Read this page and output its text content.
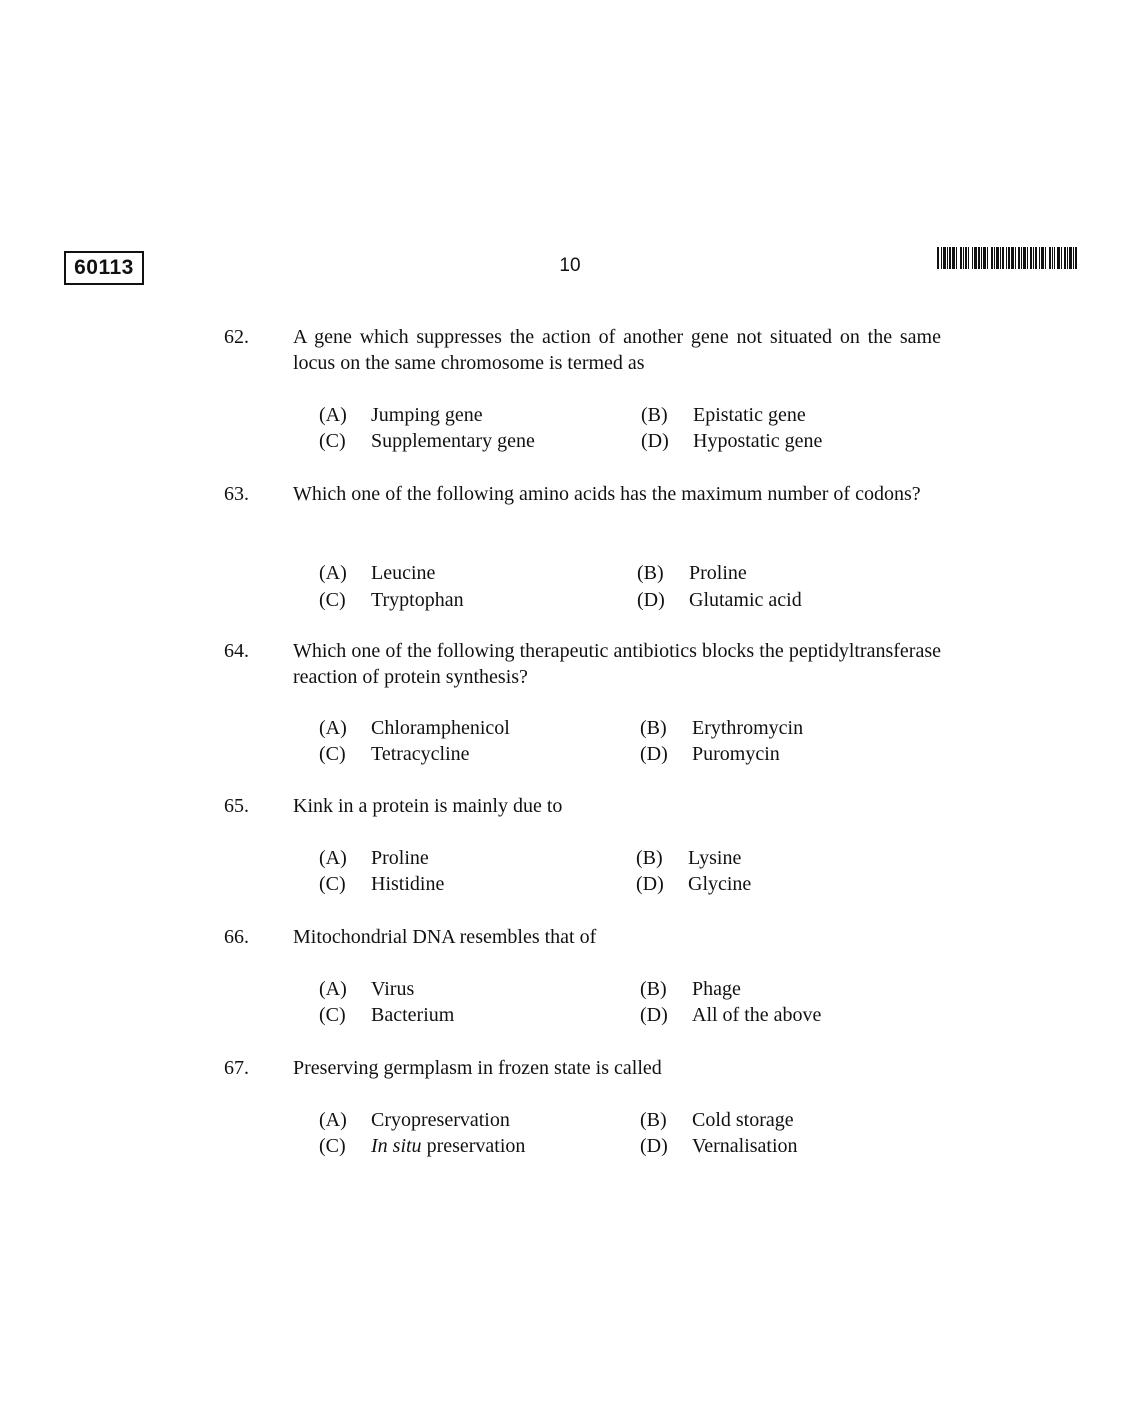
60113	10
62. A gene which suppresses the action of another gene not situated on the same locus on the same chromosome is termed as
(A) Jumping gene	(B) Epistatic gene
(C) Supplementary gene	(D) Hypostatic gene
63. Which one of the following amino acids has the maximum number of codons?
(A) Leucine	(B) Proline
(C) Tryptophan	(D) Glutamic acid
64. Which one of the following therapeutic antibiotics blocks the peptidyltransferase reaction of protein synthesis?
(A) Chloramphenicol	(B) Erythromycin
(C) Tetracycline	(D) Puromycin
65. Kink in a protein is mainly due to
(A) Proline	(B) Lysine
(C) Histidine	(D) Glycine
66. Mitochondrial DNA resembles that of
(A) Virus	(B) Phage
(C) Bacterium	(D) All of the above
67. Preserving germplasm in frozen state is called
(A) Cryopreservation	(B) Cold storage
(C) In situ preservation	(D) Vernalisation
